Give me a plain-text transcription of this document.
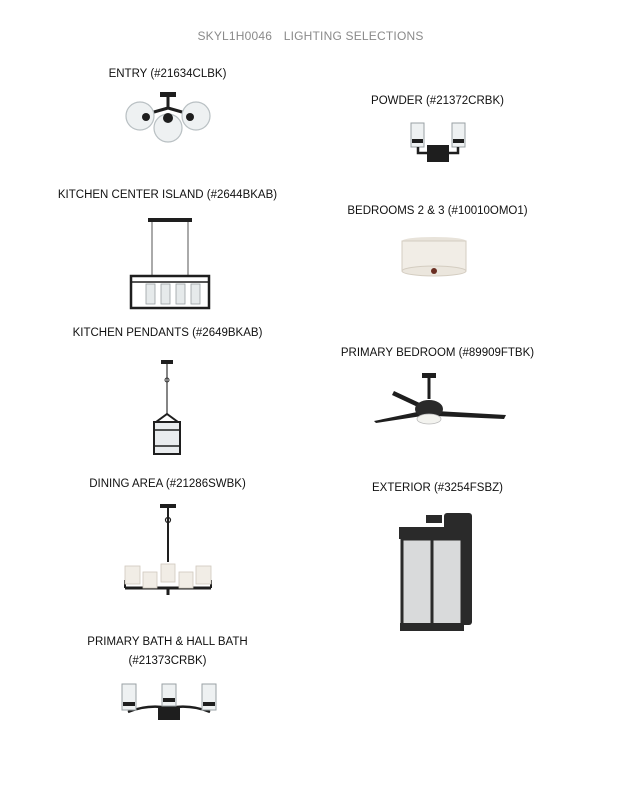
SKYL1H0046 LIGHTING SELECTIONS
ENTRY (#21634CLBK)
KITCHEN CENTER ISLAND (#2644BKAB)
KITCHEN PENDANTS (#2649BKAB)
DINING AREA (#21286SWBK)
PRIMARY BATH & HALL BATH
(#21373CRBK)
POWDER (#21372CRBK)
BEDROOMS 2 & 3 (#10010OMO1)
PRIMARY BEDROOM (#89909FTBK)
EXTERIOR (#3254FSBZ)
